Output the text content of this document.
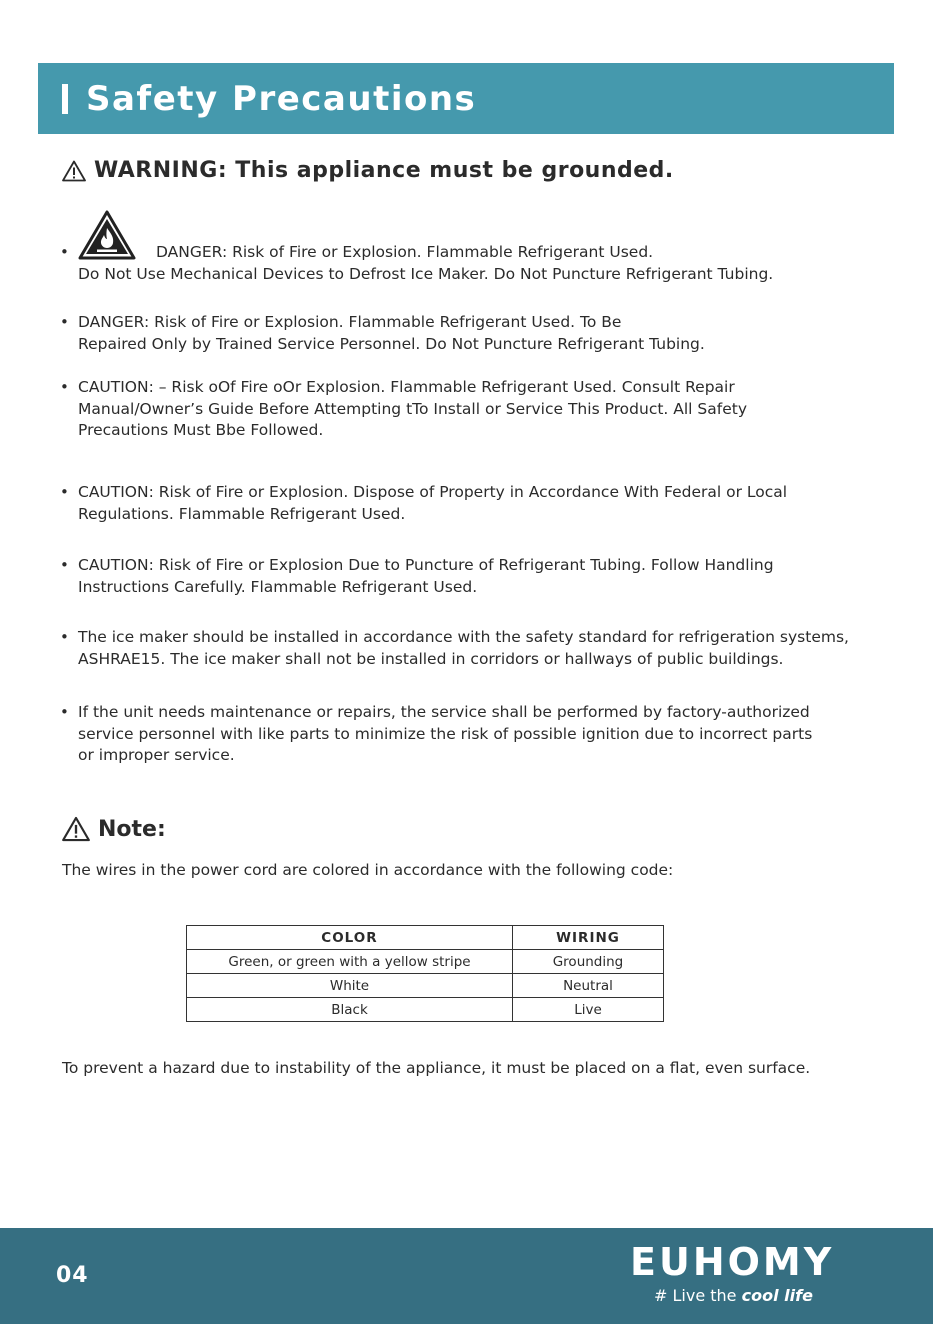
Safety Precautions
WARNING: This appliance must be grounded.
• DANGER: Risk of Fire or Explosion. Flammable Refrigerant Used.
Do Not Use Mechanical Devices to Defrost Ice Maker. Do Not Puncture Refrigerant Tubing.
• DANGER: Risk of Fire or Explosion. Flammable Refrigerant Used. To Be
Repaired Only by Trained Service Personnel. Do Not Puncture Refrigerant Tubing.
• CAUTION: – Risk oOf Fire oOr Explosion. Flammable Refrigerant Used. Consult Repair
Manual/Owner’s Guide Before Attempting tTo Install or Service This Product. All Safety
Precautions Must Bbe Followed.
• CAUTION: Risk of Fire or Explosion. Dispose of Property in Accordance With Federal or Local
Regulations. Flammable Refrigerant Used.
• CAUTION: Risk of Fire or Explosion Due to Puncture of Refrigerant Tubing. Follow Handling
Instructions Carefully. Flammable Refrigerant Used.
• The ice maker should be installed in accordance with the safety standard for refrigeration systems,
ASHRAE15. The ice maker shall not be installed in corridors or hallways of public buildings.
• If the unit needs maintenance or repairs, the service shall be performed by factory-authorized
service personnel with like parts to minimize the risk of possible ignition due to incorrect parts
or improper service.
Note:
The wires in the power cord are colored in accordance with the following code:
COLOR	WIRING
Green, or green with a yellow stripe	Grounding
White	Neutral
Black	Live
To prevent a hazard due to instability of the appliance, it must be placed on a flat, even surface.
04	EUHOMY
# Live the cool life
